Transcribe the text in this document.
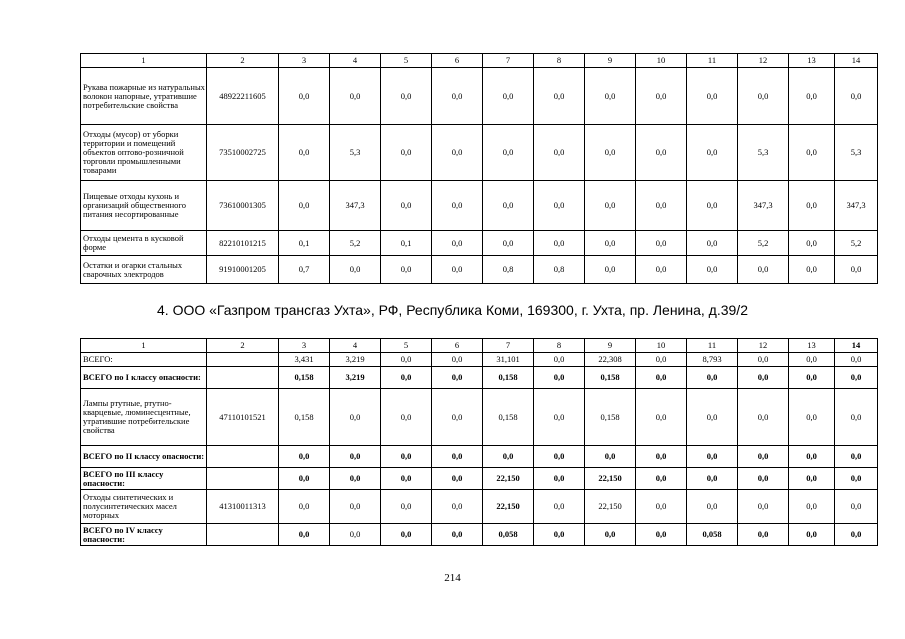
1	2	3	4	5	6	7	8	9	10	11	12	13	14
Рукава пожарные из натуральных волокон напорные, утратившие потребительские свойства	48922211605	0,0	0,0	0,0	0,0	0,0	0,0	0,0	0,0	0,0	0,0	0,0	0,0
Отходы (мусор) от уборки территории и помещений объектов оптово-розничной торговли промышленными товарами	73510002725	0,0	5,3	0,0	0,0	0,0	0,0	0,0	0,0	0,0	5,3	0,0	5,3
Пищевые отходы кухонь и организаций общественного питания несортированные	73610001305	0,0	347,3	0,0	0,0	0,0	0,0	0,0	0,0	0,0	347,3	0,0	347,3
Отходы цемента в кусковой форме	82210101215	0,1	5,2	0,1	0,0	0,0	0,0	0,0	0,0	0,0	5,2	0,0	5,2
Остатки и огарки стальных сварочных электродов	91910001205	0,7	0,0	0,0	0,0	0,8	0,8	0,0	0,0	0,0	0,0	0,0	0,0
4. ООО «Газпром трансгаз Ухта», РФ, Республика Коми, 169300, г. Ухта, пр. Ленина, д.39/2
1	2	3	4	5	6	7	8	9	10	11	12	13	14
ВСЕГО:		3,431	3,219	0,0	0,0	31,101	0,0	22,308	0,0	8,793	0,0	0,0	0,0
ВСЕГО по I классу опасности:		0,158	3,219	0,0	0,0	0,158	0,0	0,158	0,0	0,0	0,0	0,0	0,0
Лампы ртутные, ртутно-кварцевые, люминесцентные, утратившие потребительские свойства	47110101521	0,158	0,0	0,0	0,0	0,158	0,0	0,158	0,0	0,0	0,0	0,0	0,0
ВСЕГО по II классу опасности:		0,0	0,0	0,0	0,0	0,0	0,0	0,0	0,0	0,0	0,0	0,0	0,0
ВСЕГО по III классу опасности:		0,0	0,0	0,0	0,0	22,150	0,0	22,150	0,0	0,0	0,0	0,0	0,0
Отходы синтетических и полусинтетических масел моторных	41310011313	0,0	0,0	0,0	0,0	22,150	0,0	22,150	0,0	0,0	0,0	0,0	0,0
ВСЕГО по IV классу опасности:		0,0	0,0	0,0	0,0	0,058	0,0	0,0	0,0	0,058	0,0	0,0	0,0
214
